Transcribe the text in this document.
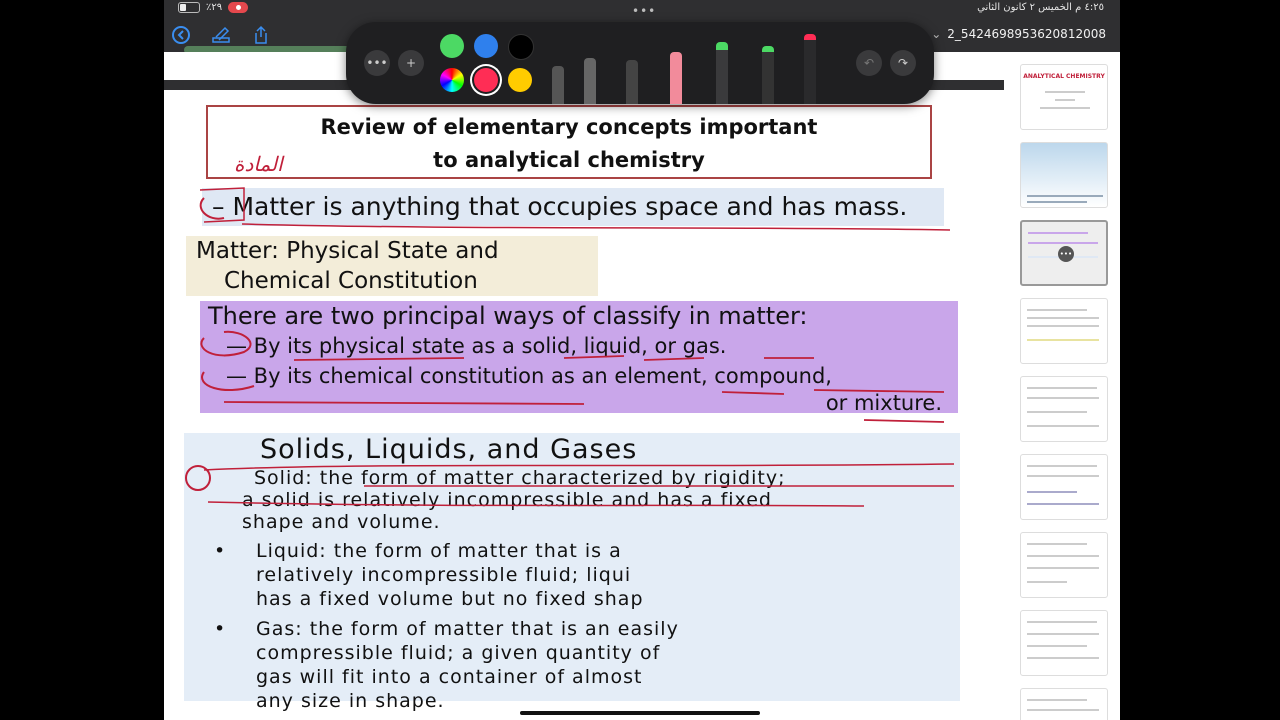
٪٢٩	•••	٤:٢٥ م الخميس ٢ كانون الثاني
⌄ 2_5424698953620812008
Review of elementary concepts important
to analytical chemistry
المادة
– Matter is anything that occupies space and has mass.
Matter: Physical State and
Chemical Constitution
There are two principal ways of classify in matter:
— By its physical state as a solid, liquid, or gas.
— By its chemical constitution as an element, compound,
or mixture.
Solids, Liquids, and Gases
Solid: the form of matter characterized by rigidity;
a solid is relatively incompressible and has a fixed
shape and volume.
• Liquid: the form of matter that is a
relatively incompressible fluid; liqui
has a fixed volume but no fixed shap
• Gas: the form of matter that is an easily
compressible fluid; a given quantity of
gas will fit into a container of almost
any size in shape.
•••	+	↶	↷
ANALYTICAL CHEMISTRY
•••
